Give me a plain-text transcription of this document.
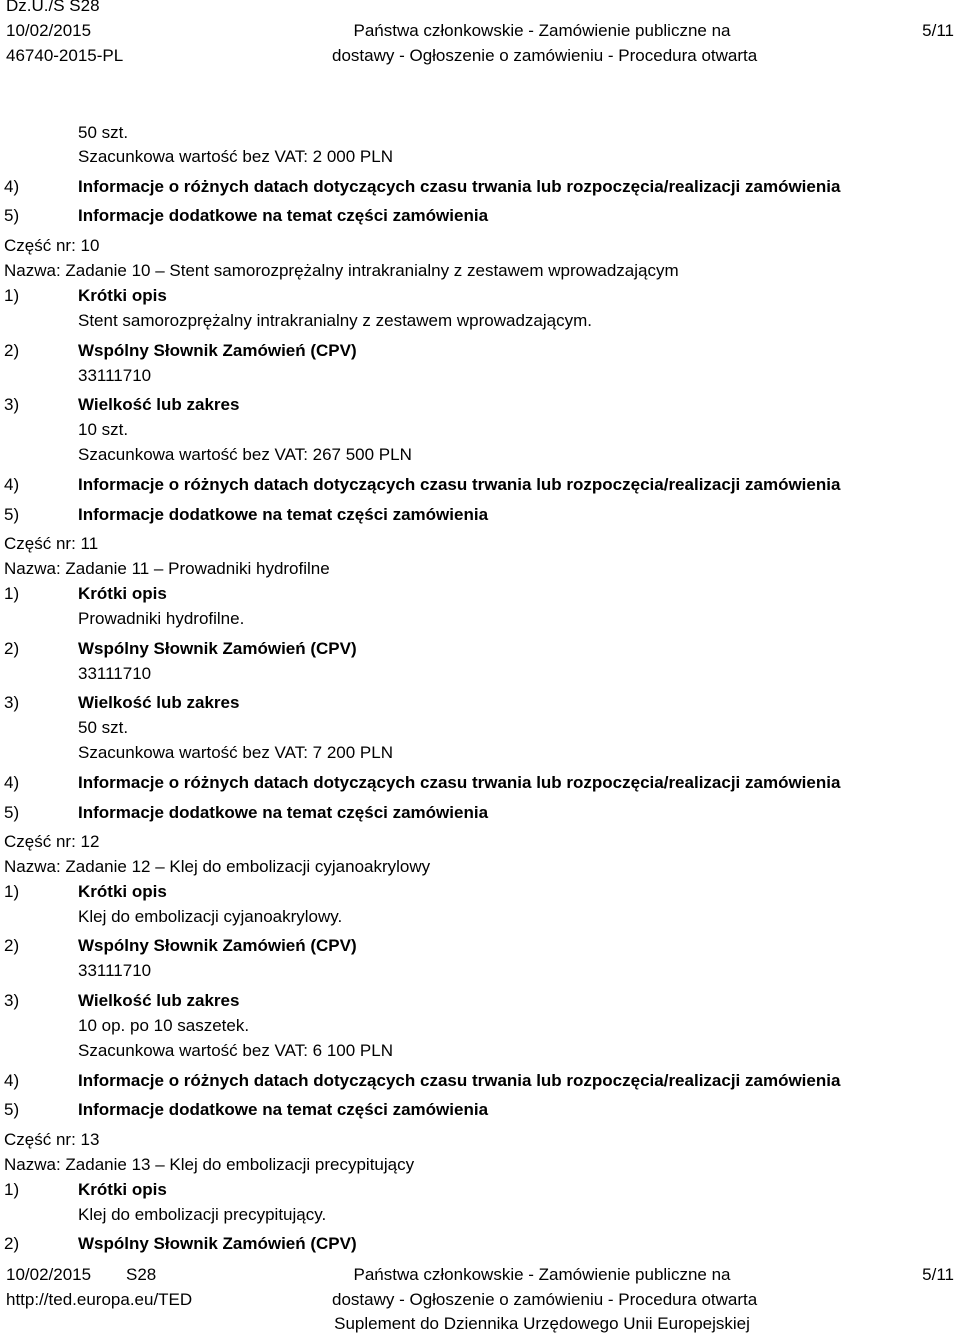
Dz.U./S S28
10/02/2015
46740-2015-PL
Państwa członkowskie - Zamówienie publiczne na
dostawy - Ogłoszenie o zamówieniu - Procedura otwarta
5/11
50 szt.
Szacunkowa wartość bez VAT: 2 000 PLN
4)	Informacje o różnych datach dotyczących czasu trwania lub rozpoczęcia/realizacji zamówienia
5)	Informacje dodatkowe na temat części zamówienia
Część nr: 10
Nazwa: Zadanie 10 – Stent samorozprężalny intrakranialny z zestawem wprowadzającym
1)	Krótki opis
Stent samorozprężalny intrakranialny z zestawem wprowadzającym.
2)	Wspólny Słownik Zamówień (CPV)
33111710
3)	Wielkość lub zakres
10 szt.
Szacunkowa wartość bez VAT: 267 500 PLN
4)	Informacje o różnych datach dotyczących czasu trwania lub rozpoczęcia/realizacji zamówienia
5)	Informacje dodatkowe na temat części zamówienia
Część nr: 11
Nazwa: Zadanie 11 – Prowadniki hydrofilne
1)	Krótki opis
Prowadniki hydrofilne.
2)	Wspólny Słownik Zamówień (CPV)
33111710
3)	Wielkość lub zakres
50 szt.
Szacunkowa wartość bez VAT: 7 200 PLN
4)	Informacje o różnych datach dotyczących czasu trwania lub rozpoczęcia/realizacji zamówienia
5)	Informacje dodatkowe na temat części zamówienia
Część nr: 12
Nazwa: Zadanie 12 – Klej do embolizacji cyjanoakrylowy
1)	Krótki opis
Klej do embolizacji cyjanoakrylowy.
2)	Wspólny Słownik Zamówień (CPV)
33111710
3)	Wielkość lub zakres
10 op. po 10 saszetek.
Szacunkowa wartość bez VAT: 6 100 PLN
4)	Informacje o różnych datach dotyczących czasu trwania lub rozpoczęcia/realizacji zamówienia
5)	Informacje dodatkowe na temat części zamówienia
Część nr: 13
Nazwa: Zadanie 13 – Klej do embolizacji precypitujący
1)	Krótki opis
Klej do embolizacji precypitujący.
2)	Wspólny Słownik Zamówień (CPV)
10/02/2015 S28
http://ted.europa.eu/TED
Państwa członkowskie - Zamówienie publiczne na
dostawy - Ogłoszenie o zamówieniu - Procedura otwarta
Suplement do Dziennika Urzędowego Unii Europejskiej
5/11
